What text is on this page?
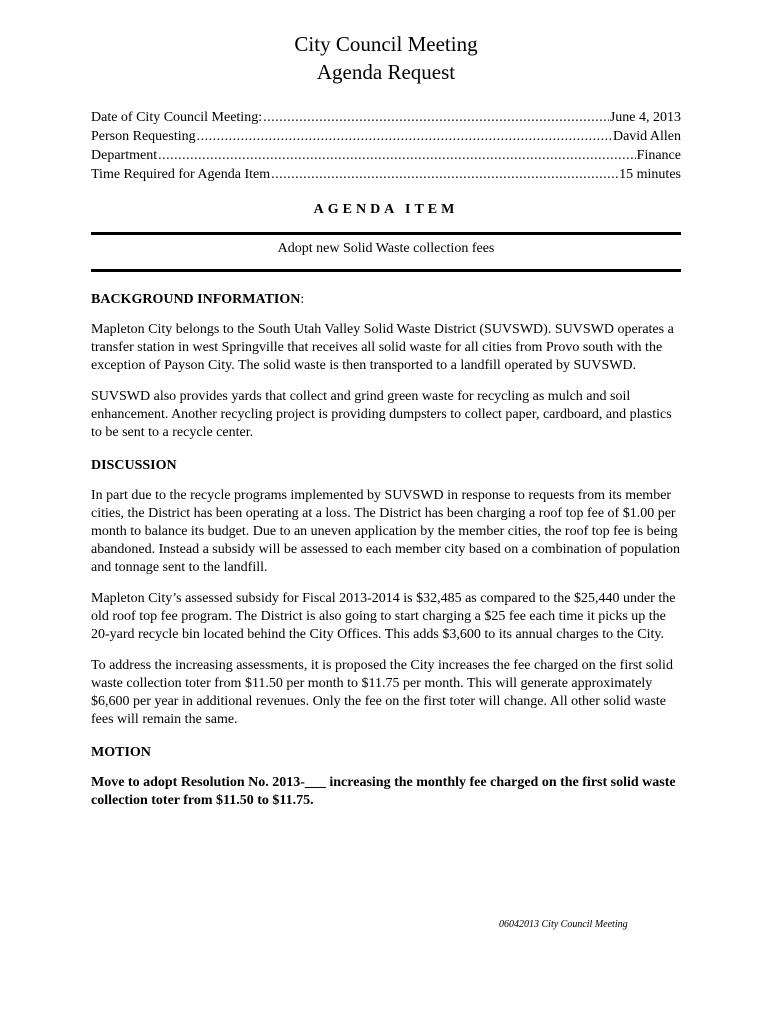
City Council Meeting
Agenda Request
Date of City Council Meeting: .....	June 4, 2013
Person Requesting .....	David Allen
Department .....	Finance
Time Required for Agenda Item .....	15 minutes
AGENDA ITEM
Adopt new Solid Waste collection fees
BACKGROUND INFORMATION:

Mapleton City belongs to the South Utah Valley Solid Waste District (SUVSWD). SUVSWD operates a transfer station in west Springville that receives all solid waste for all cities from Provo south with the exception of Payson City. The solid waste is then transported to a landfill operated by SUVSWD.

SUVSWD also provides yards that collect and grind green waste for recycling as mulch and soil enhancement. Another recycling project is providing dumpsters to collect paper, cardboard, and plastics to be sent to a recycle center.

DISCUSSION

In part due to the recycle programs implemented by SUVSWD in response to requests from its member cities, the District has been operating at a loss. The District has been charging a roof top fee of $1.00 per month to balance its budget. Due to an uneven application by the member cities, the roof top fee is being abandoned. Instead a subsidy will be assessed to each member city based on a combination of population and tonnage sent to the landfill.

Mapleton City’s assessed subsidy for Fiscal 2013-2014 is $32,485 as compared to the $25,440 under the old roof top fee program. The District is also going to start charging a $25 fee each time it picks up the 20-yard recycle bin located behind the City Offices. This adds $3,600 to its annual charges to the City.

To address the increasing assessments, it is proposed the City increases the fee charged on the first solid waste collection toter from $11.50 per month to $11.75 per month. This will generate approximately $6,600 per year in additional revenues. Only the fee on the first toter will change. All other solid waste fees will remain the same.

MOTION

Move to adopt Resolution No. 2013-___ increasing the monthly fee charged on the first solid waste collection toter from $11.50 to $11.75.

06042013 City Council Meeting
